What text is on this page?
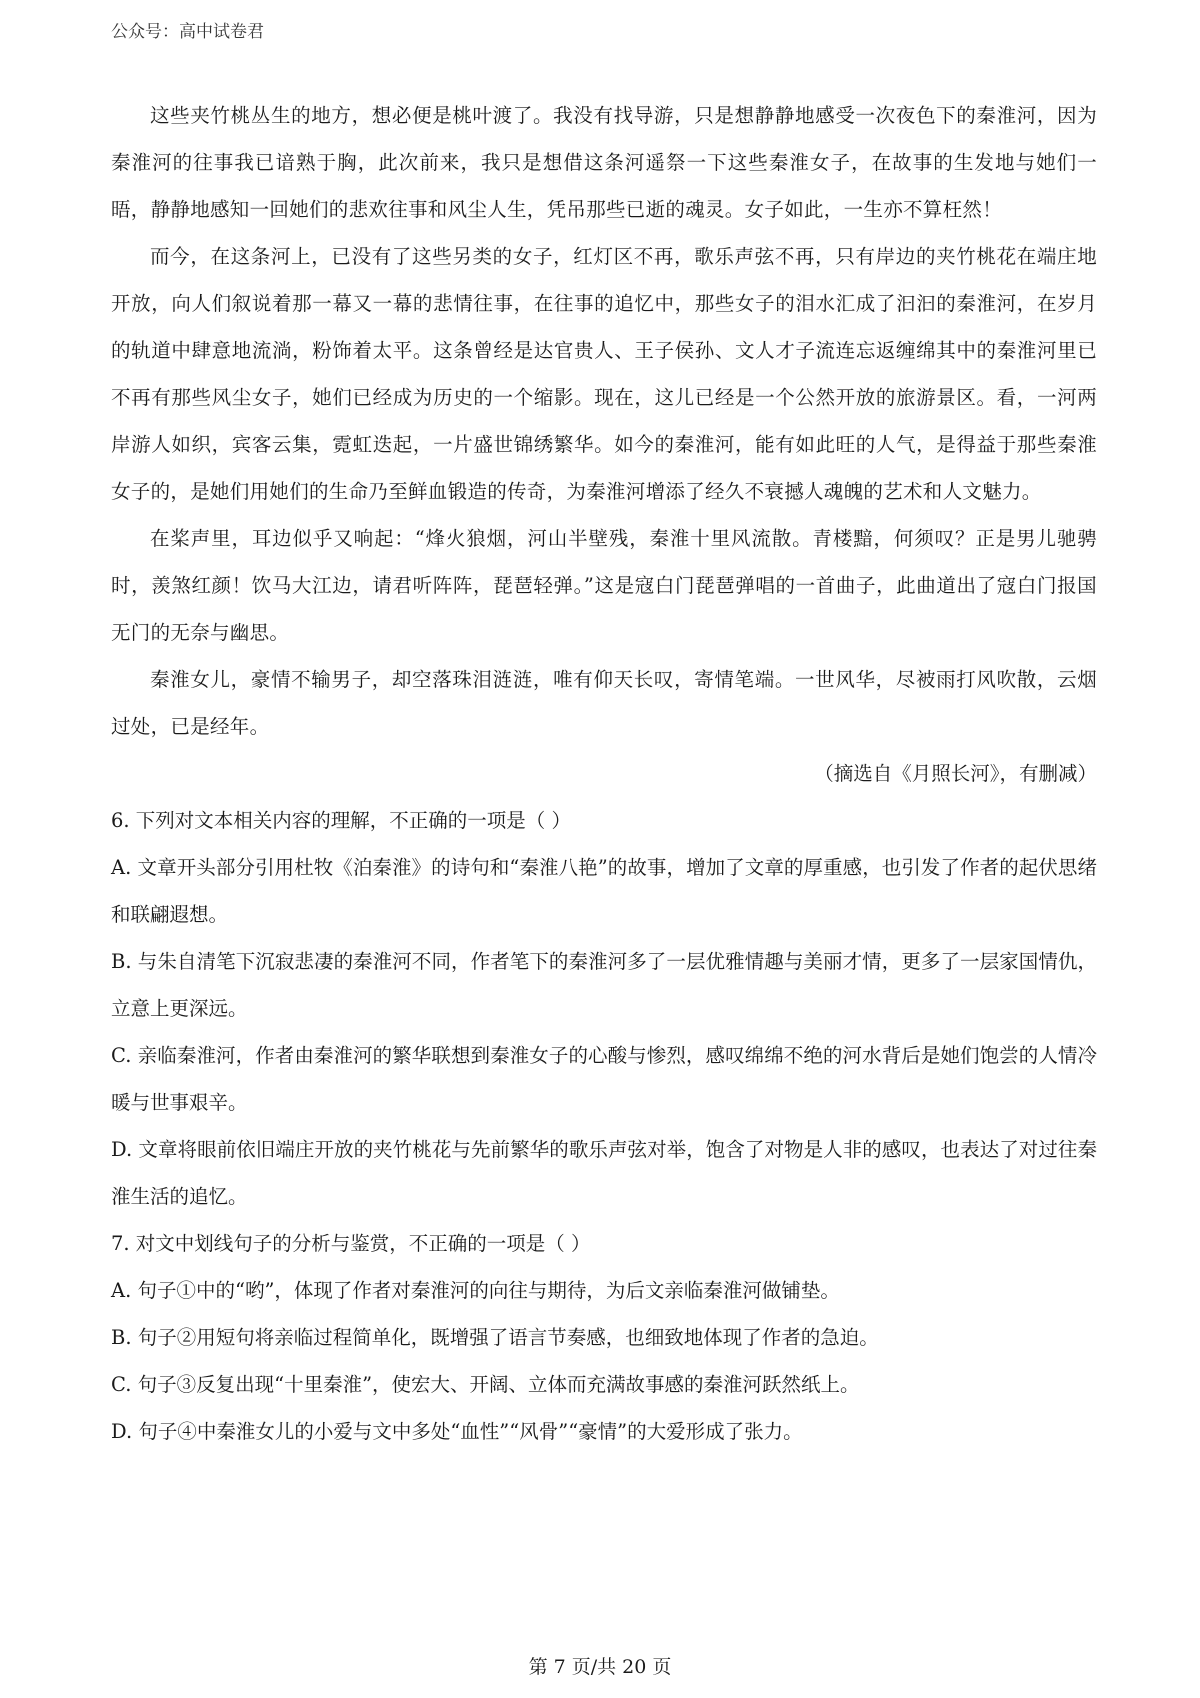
公众号：高中试卷君

这些夹竹桃丛生的地方，想必便是桃叶渡了。我没有找导游，只是想静静地感受一次夜色下的秦淮河，因为秦淮河的往事我已谙熟于胸，此次前来，我只是想借这条河遥祭一下这些秦淮女子，在故事的生发地与她们一晤，静静地感知一回她们的悲欢往事和风尘人生，凭吊那些已逝的魂灵。女子如此，一生亦不算枉然！

而今，在这条河上，已没有了这些另类的女子，红灯区不再，歌乐声弦不再，只有岸边的夹竹桃花在端庄地开放，向人们叙说着那一幕又一幕的悲情往事，在往事的追忆中，那些女子的泪水汇成了汩汩的秦淮河，在岁月的轨道中肆意地流淌，粉饰着太平。这条曾经是达官贵人、王子侯孙、文人才子流连忘返缠绵其中的秦淮河里已不再有那些风尘女子，她们已经成为历史的一个缩影。现在，这儿已经是一个公然开放的旅游景区。看，一河两岸游人如织，宾客云集，霓虹迭起，一片盛世锦绣繁华。如今的秦淮河，能有如此旺的人气，是得益于那些秦淮女子的，是她们用她们的生命乃至鲜血锻造的传奇，为秦淮河增添了经久不衰撼人魂魄的艺术和人文魅力。

在桨声里，耳边似乎又响起：“烽火狼烟，河山半壁残，秦淮十里风流散。青楼黯，何须叹？正是男儿驰骋时，羡煞红颜！饮马大江边，请君听阵阵，琵琶轻弹。”这是寇白门琵琶弹唱的一首曲子，此曲道出了寇白门报国无门的无奈与幽思。

秦淮女儿，豪情不输男子，却空落珠泪涟涟，唯有仰天长叹，寄情笔端。一世风华，尽被雨打风吹散，云烟过处，已是经年。

（摘选自《月照长河》，有删减）

6. 下列对文本相关内容的理解，不正确的一项是（ ）

A. 文章开头部分引用杜牧《泊秦淮》的诗句和“秦淮八艳”的故事，增加了文章的厚重感，也引发了作者的起伏思绪和联翩遐想。

B. 与朱自清笔下沉寂悲凄的秦淮河不同，作者笔下的秦淮河多了一层优雅情趣与美丽才情，更多了一层家国情仇，立意上更深远。

C. 亲临秦淮河，作者由秦淮河的繁华联想到秦淮女子的心酸与惨烈，感叹绵绵不绝的河水背后是她们饱尝的人情冷暖与世事艰辛。

D. 文章将眼前依旧端庄开放的夹竹桃花与先前繁华的歌乐声弦对举，饱含了对物是人非的感叹，也表达了对过往秦淮生活的追忆。

7. 对文中划线句子的分析与鉴赏，不正确的一项是（ ）

A. 句子①中的“哟”，体现了作者对秦淮河的向往与期待，为后文亲临秦淮河做铺垫。

B. 句子②用短句将亲临过程简单化，既增强了语言节奏感，也细致地体现了作者的急迫。

C. 句子③反复出现“十里秦淮”，使宏大、开阔、立体而充满故事感的秦淮河跃然纸上。

D. 句子④中秦淮女儿的小爱与文中多处“血性”“风骨”“豪情”的大爱形成了张力。

第 7 页/共 20 页
